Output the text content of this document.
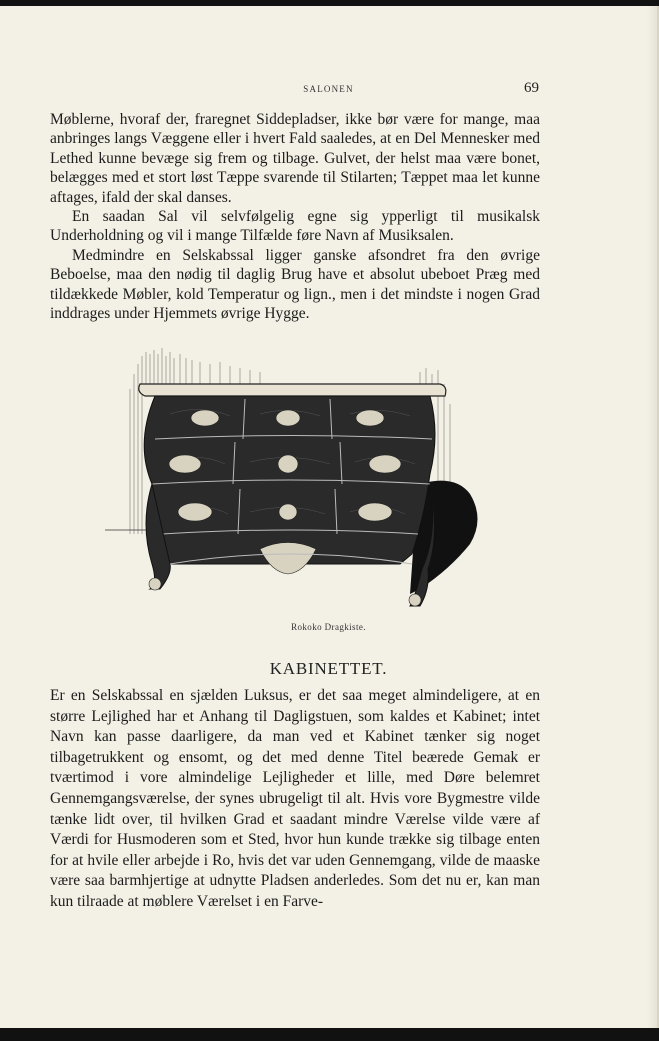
SALONEN	69

Møblerne, hvoraf der, fraregnet Siddepladser, ikke bør være for mange, maa anbringes langs Væggene eller i hvert Fald saaledes, at en Del Mennesker med Lethed kunne bevæge sig frem og tilbage. Gulvet, der helst maa være bonet, belægges med et stort løst Tæppe svarende til Stilarten; Tæppet maa let kunne aftages, ifald der skal danses.

En saadan Sal vil selvfølgelig egne sig ypperligt til musikalsk Underholdning og vil i mange Tilfælde føre Navn af Musiksalen.

Medmindre en Selskabssal ligger ganske afsondret fra den øvrige Beboelse, maa den nødig til daglig Brug have et absolut ubeboet Præg med tildækkede Møbler, kold Temperatur og lign., men i det mindste i nogen Grad inddrages under Hjemmets øvrige Hygge.

Rokoko Dragkiste.
KABINETTET.

Er en Selskabssal en sjælden Luksus, er det saa meget almindeligere, at en større Lejlighed har et Anhang til Dagligstuen, som kaldes et Kabinet; intet Navn kan passe daarligere, da man ved et Kabinet tænker sig noget tilbagetrukkent og ensomt, og det med denne Titel beærede Gemak er tværtimod i vore almindelige Lejligheder et lille, med Døre belemret Gennemgangsværelse, der synes ubrugeligt til alt. Hvis vore Bygmestre vilde tænke lidt over, til hvilken Grad et saadant mindre Værelse vilde være af Værdi for Husmoderen som et Sted, hvor hun kunde trække sig tilbage enten for at hvile eller arbejde i Ro, hvis det var uden Gennemgang, vilde de maaske være saa barmhjertige at udnytte Pladsen anderledes. Som det nu er, kan man kun tilraade at møblere Værelset i en Farve-
